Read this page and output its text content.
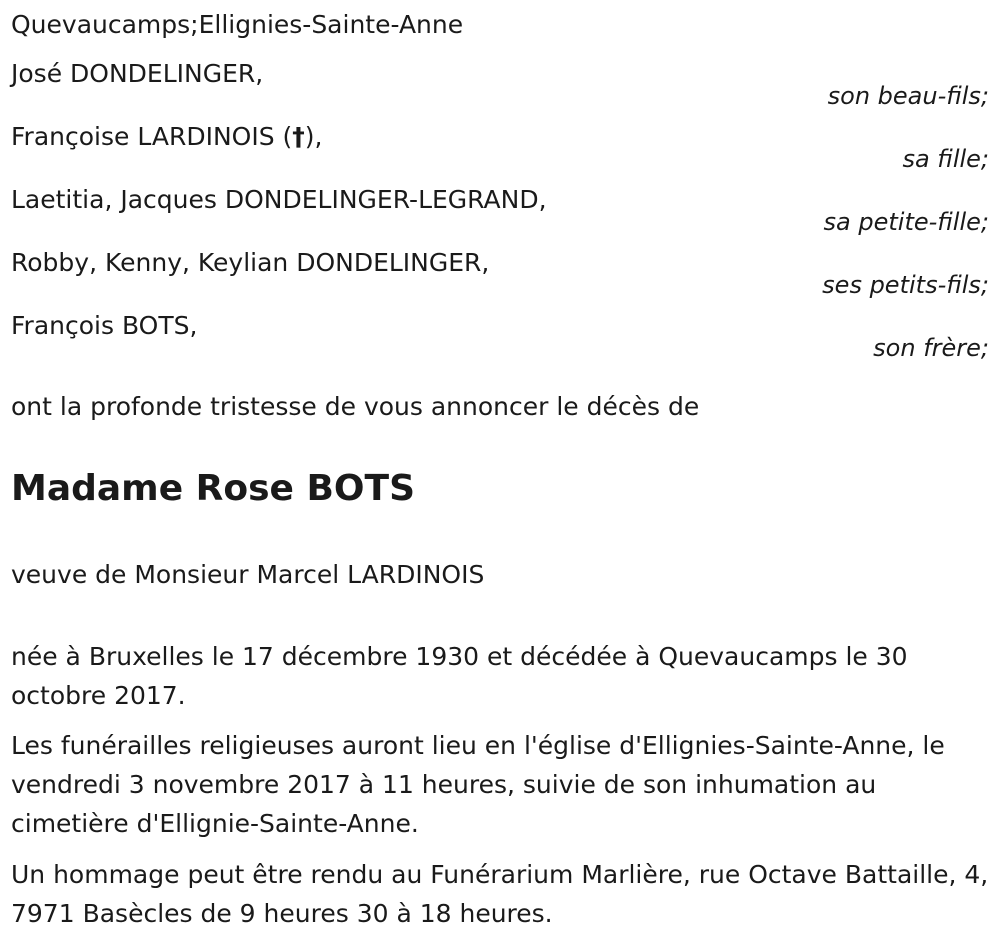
Quevaucamps;Ellignies-Sainte-Anne
José DONDELINGER,
son beau-fils;
Françoise LARDINOIS (†),
sa fille;
Laetitia, Jacques DONDELINGER-LEGRAND,
sa petite-fille;
Robby, Kenny, Keylian DONDELINGER,
ses petits-fils;
François BOTS,
son frère;
ont la profonde tristesse de vous annoncer le décès de
Madame Rose BOTS
veuve de Monsieur Marcel LARDINOIS
née à Bruxelles le 17 décembre 1930 et décédée à Quevaucamps le 30 octobre 2017.
Les funérailles religieuses auront lieu en l'église d'Ellignies-Sainte-Anne, le vendredi 3 novembre 2017 à 11 heures, suivie de son inhumation au cimetière d'Ellignie-Sainte-Anne.
Un hommage peut être rendu au Funérarium Marlière, rue Octave Battaille, 4, 7971 Basècles de 9 heures 30 à 18 heures.
